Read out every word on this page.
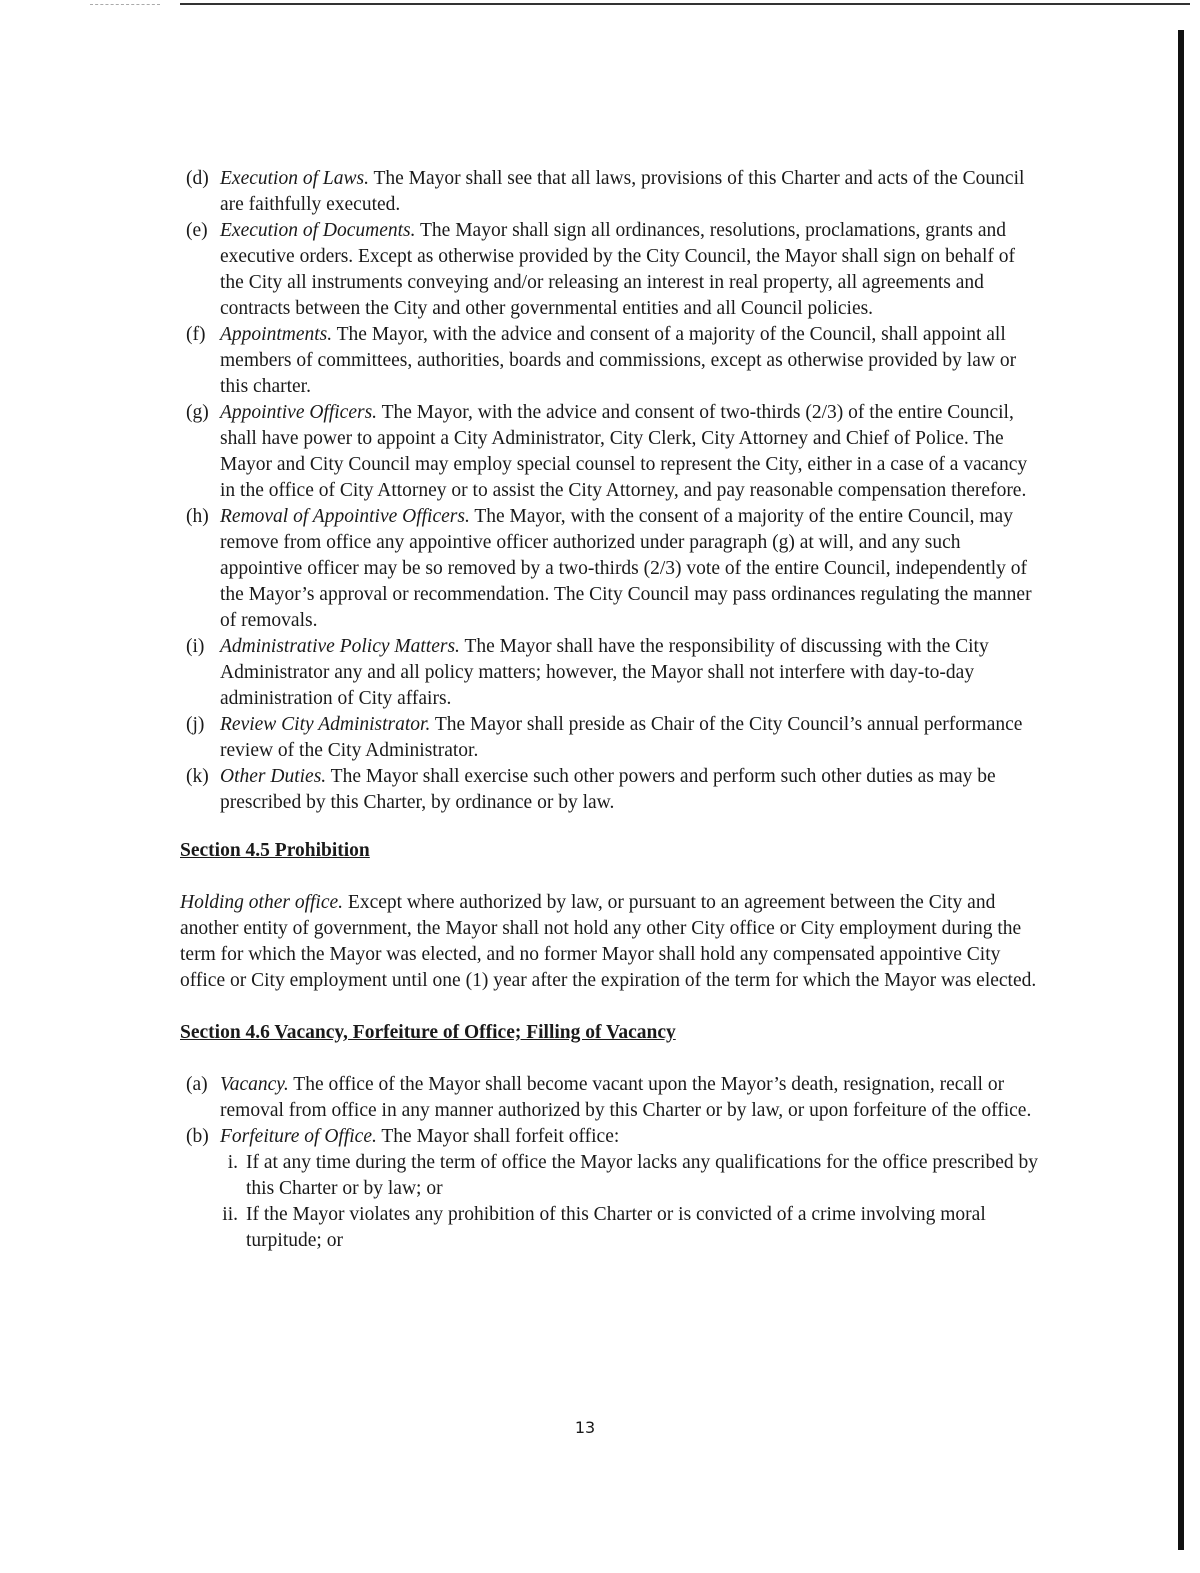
(d) Execution of Laws. The Mayor shall see that all laws, provisions of this Charter and acts of the Council are faithfully executed.
(e) Execution of Documents. The Mayor shall sign all ordinances, resolutions, proclamations, grants and executive orders. Except as otherwise provided by the City Council, the Mayor shall sign on behalf of the City all instruments conveying and/or releasing an interest in real property, all agreements and contracts between the City and other governmental entities and all Council policies.
(f) Appointments. The Mayor, with the advice and consent of a majority of the Council, shall appoint all members of committees, authorities, boards and commissions, except as otherwise provided by law or this charter.
(g) Appointive Officers. The Mayor, with the advice and consent of two-thirds (2/3) of the entire Council, shall have power to appoint a City Administrator, City Clerk, City Attorney and Chief of Police. The Mayor and City Council may employ special counsel to represent the City, either in a case of a vacancy in the office of City Attorney or to assist the City Attorney, and pay reasonable compensation therefore.
(h) Removal of Appointive Officers. The Mayor, with the consent of a majority of the entire Council, may remove from office any appointive officer authorized under paragraph (g) at will, and any such appointive officer may be so removed by a two-thirds (2/3) vote of the entire Council, independently of the Mayor’s approval or recommendation. The City Council may pass ordinances regulating the manner of removals.
(i) Administrative Policy Matters. The Mayor shall have the responsibility of discussing with the City Administrator any and all policy matters; however, the Mayor shall not interfere with day-to-day administration of City affairs.
(j) Review City Administrator. The Mayor shall preside as Chair of the City Council’s annual performance review of the City Administrator.
(k) Other Duties. The Mayor shall exercise such other powers and perform such other duties as may be prescribed by this Charter, by ordinance or by law.
Section 4.5 Prohibition

Holding other office. Except where authorized by law, or pursuant to an agreement between the City and another entity of government, the Mayor shall not hold any other City office or City employment during the term for which the Mayor was elected, and no former Mayor shall hold any compensated appointive City office or City employment until one (1) year after the expiration of the term for which the Mayor was elected.

Section 4.6 Vacancy, Forfeiture of Office; Filling of Vacancy
(a) Vacancy. The office of the Mayor shall become vacant upon the Mayor’s death, resignation, recall or removal from office in any manner authorized by this Charter or by law, or upon forfeiture of the office.
(b) Forfeiture of Office. The Mayor shall forfeit office:
i. If at any time during the term of office the Mayor lacks any qualifications for the office prescribed by this Charter or by law; or
ii. If the Mayor violates any prohibition of this Charter or is convicted of a crime involving moral turpitude; or
13
